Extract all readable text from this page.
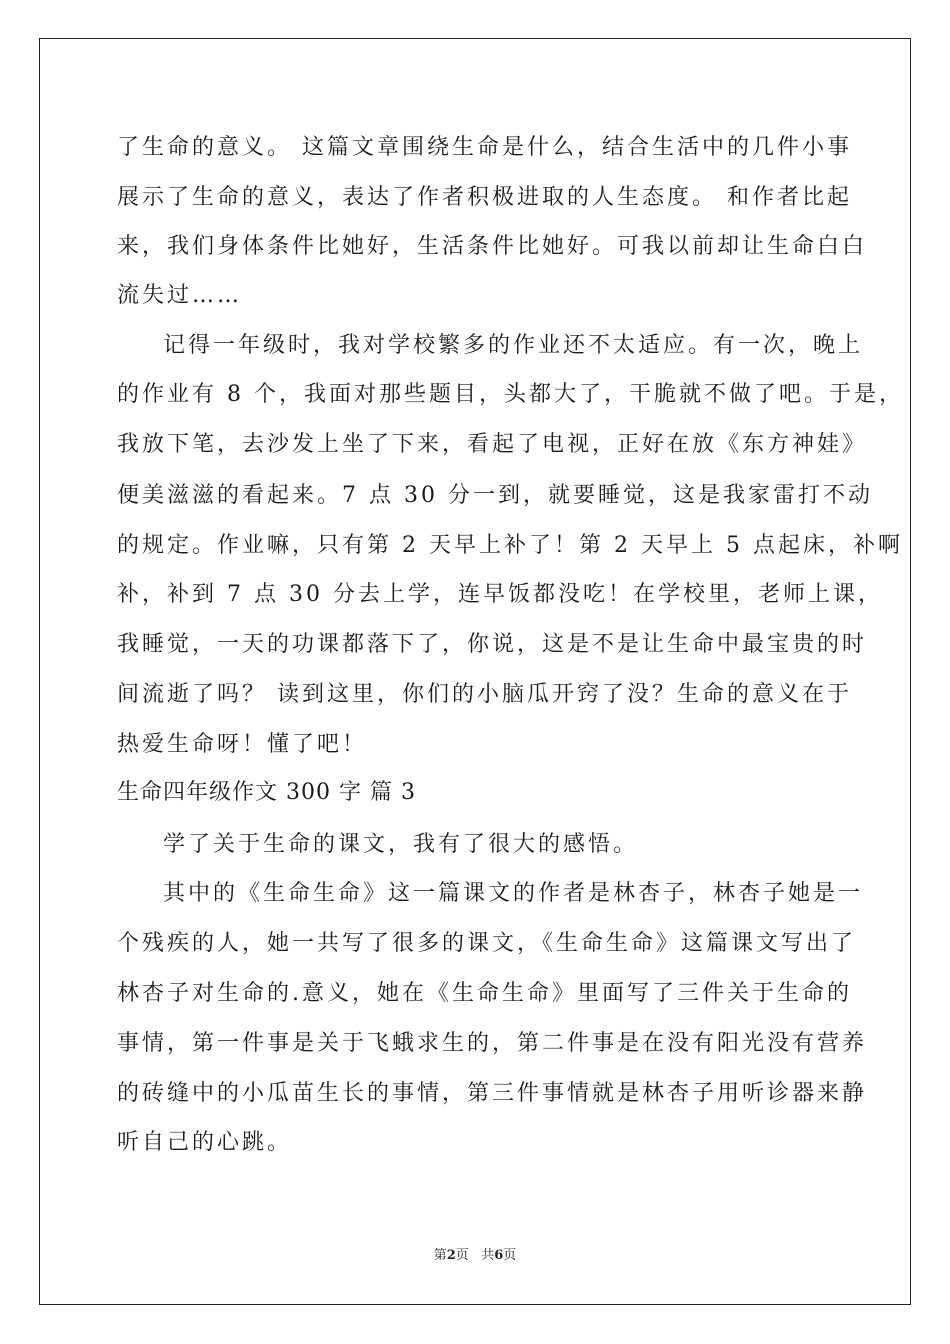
了生命的意义。 这篇文章围绕生命是什么，结合生活中的几件小事
展示了生命的意义，表达了作者积极进取的人生态度。 和作者比起
来，我们身体条件比她好，生活条件比她好。可我以前却让生命白白
流失过……
记得一年级时，我对学校繁多的作业还不太适应。有一次，晚上
的作业有 8 个，我面对那些题目，头都大了，干脆就不做了吧。于是，
我放下笔，去沙发上坐了下来，看起了电视，正好在放《东方神娃》
便美滋滋的看起来。7 点 30 分一到，就要睡觉，这是我家雷打不动
的规定。作业嘛，只有第 2 天早上补了！第 2 天早上 5 点起床，补啊
补，补到 7 点 30 分去上学，连早饭都没吃！在学校里，老师上课，
我睡觉，一天的功课都落下了，你说，这是不是让生命中最宝贵的时
间流逝了吗？ 读到这里，你们的小脑瓜开窍了没？生命的意义在于
热爱生命呀！懂了吧！
生命四年级作文 300 字 篇 3
学了关于生命的课文，我有了很大的感悟。
其中的《生命生命》这一篇课文的作者是林杏子，林杏子她是一
个残疾的人，她一共写了很多的课文，《生命生命》这篇课文写出了
林杏子对生命的.意义，她在《生命生命》里面写了三件关于生命的
事情，第一件事是关于飞蛾求生的，第二件事是在没有阳光没有营养
的砖缝中的小瓜苗生长的事情，第三件事情就是林杏子用听诊器来静
听自己的心跳。
第2页   共6页
